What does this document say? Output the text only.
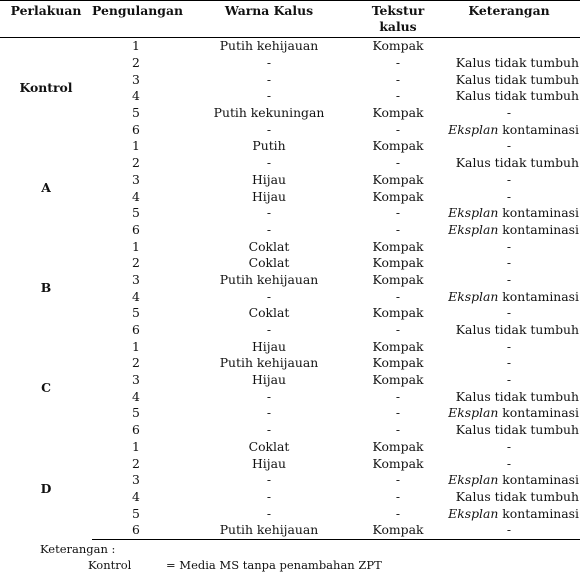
Perlakuan	Pengulangan	Warna Kalus	Tekstur
kalus	Keterangan
Kontrol	1	Putih kehijauan	Kompak	
	2	-	-	Kalus tidak tumbuh
	3	-	-	Kalus tidak tumbuh
	4	-	-	Kalus tidak tumbuh
	5	Putih kekuningan	Kompak	-
	6	-	-	Eksplan kontaminasi
A	1	Putih	Kompak	-
	2	-	-	Kalus tidak tumbuh
	3	Hijau	Kompak	-
	4	Hijau	Kompak	-
	5	-	-	Eksplan kontaminasi
	6	-	-	Eksplan kontaminasi
B	1	Coklat	Kompak	-
	2	Coklat	Kompak	-
	3	Putih kehijauan	Kompak	-
	4	-	-	Eksplan kontaminasi
	5	Coklat	Kompak	-
	6	-	-	Kalus tidak tumbuh
C	1	Hijau	Kompak	-
	2	Putih kehijauan	Kompak	-
	3	Hijau	Kompak	-
	4	-	-	Kalus tidak tumbuh
	5	-	-	Eksplan kontaminasi
	6	-	-	Kalus tidak tumbuh
D	1	Coklat	Kompak	-
	2	Hijau	Kompak	-
	3	-	-	Eksplan kontaminasi
	4	-	-	Kalus tidak tumbuh
	5	-	-	Eksplan kontaminasi
	6	Putih kehijauan	Kompak	-
Keterangan :
Kontrol	= Media MS tanpa penambahan ZPT
